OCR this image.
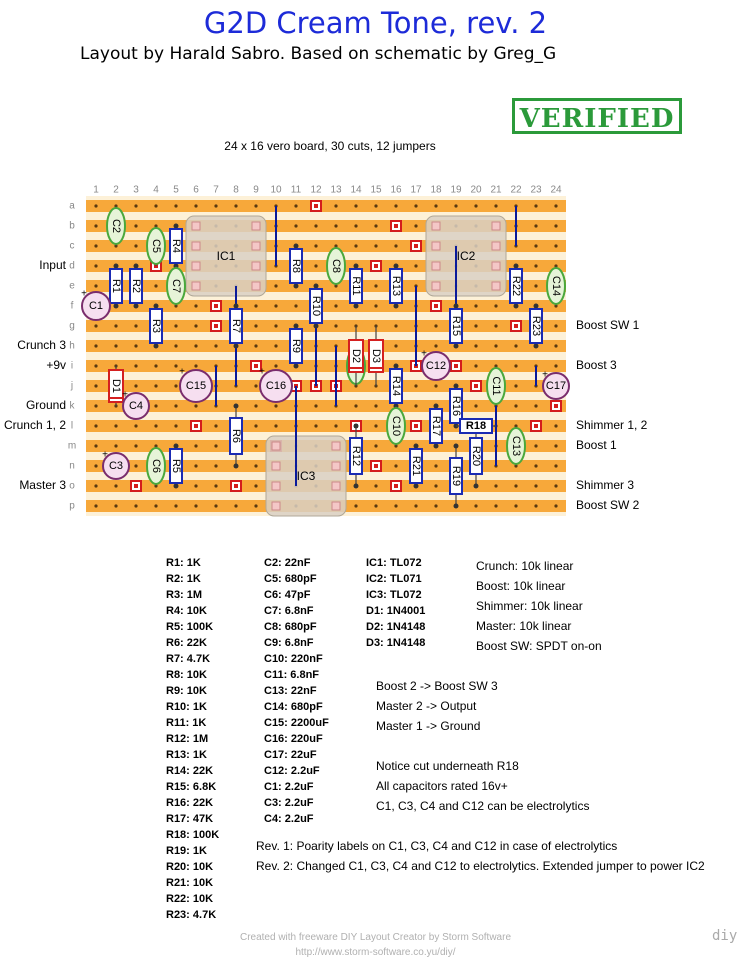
G2D Cream Tone, rev. 2
Layout by Harald Sabro. Based on schematic by Greg_G
VERIFIED
24 x 16 vero board, 30 cuts, 12 jumpers
a
b
c
d
e
f
g
h
i
j
k
l
m
n
o
p
1 2 3 4 5 6 7 8 9 10 11 12 13 14 15 16 17 18 19 20 21 22 23 24
IC1	IC2
IC3
R4
R1 R2
R3
R8
R7
R10
R9
R11	R13	R22
R23
R15
R14
R16
R6
R5	R12
R17
R21	R20
R19
R18
C2
C5
C7
C8
C14
C11
C10
C13
C6
D1
D2 D3
C1
+
C3
+
C4
+
C12
+
C15
+
C16
+
C17
+
Input
Crunch 3
+9v
Ground
Crunch 1, 2
Master 3
Boost SW 1
Boost 3
Shimmer 1, 2
Boost 1
Shimmer 3
Boost SW 2
R1: 1K
R2: 1K
R3: 1M
R4: 10K
R5: 100K
R6: 22K
R7: 4.7K
R8: 10K
R9: 10K
R10: 1K
R11: 1K
R12: 1M
R13: 1K
R14: 22K
R15: 6.8K
R16: 22K
R17: 47K
R18: 100K
R19: 1K
R20: 10K
R21: 10K
R22: 10K
R23: 4.7K
C2: 22nF
C5: 680pF
C6: 47pF
C7: 6.8nF
C8: 680pF
C9: 6.8nF
C10: 220nF
C11: 6.8nF
C13: 22nF
C14: 680pF
C15: 2200uF
C16: 220uF
C17: 22uF
C12: 2.2uF
C1: 2.2uF
C3: 2.2uF
C4: 2.2uF
IC1: TL072
IC2: TL071
IC3: TL072
D1: 1N4001
D2: 1N4148
D3: 1N4148
Crunch: 10k linear
Boost: 10k linear
Shimmer: 10k linear
Master: 10k linear
Boost SW: SPDT on-on
Boost 2 -> Boost SW 3
Master 2 -> Output
Master 1 -> Ground
Notice cut underneath R18
All capacitors rated 16v+
C1, C3, C4 and C12 can be electrolytics
Rev. 1: Poarity labels on C1, C3, C4 and C12 in case of electrolytics
Rev. 2: Changed C1, C3, C4 and C12 to electrolytics. Extended jumper to power IC2
Created with freeware DIY Layout Creator by Storm Software
http://www.storm-software.co.yu/diy/
diy
